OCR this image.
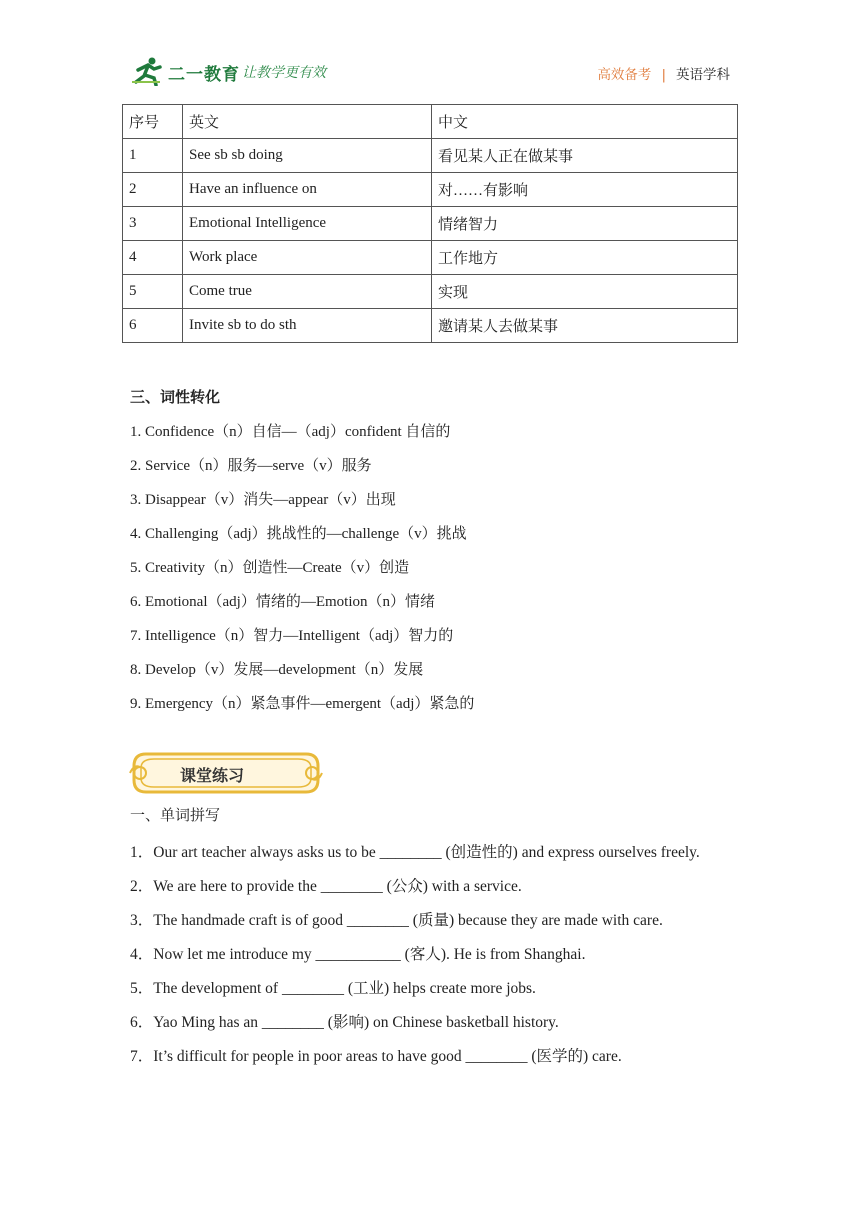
二一教育 让教学更有效	高效备考 | 英语学科
序号	英文	中文
1	See sb sb doing	看见某人正在做某事
2	Have an influence on	对……有影响
3	Emotional Intelligence	情绪智力
4	Work place	工作地方
5	Come true	实现
6	Invite sb to do sth	邀请某人去做某事
三、词性转化
1. Confidence（n）自信—（adj）confident 自信的
2. Service（n）服务—serve（v）服务
3. Disappear（v）消失—appear（v）出现
4. Challenging（adj）挑战性的—challenge（v）挑战
5. Creativity（n）创造性—Create（v）创造
6. Emotional（adj）情绪的—Emotion（n）情绪
7. Intelligence（n）智力—Intelligent（adj）智力的
8. Develop（v）发展—development（n）发展
9. Emergency（n）紧急事件—emergent（adj）紧急的
课堂练习
一、单词拼写
1．Our art teacher always asks us to be ________ (创造性的) and express ourselves freely.
2．We are here to provide the ________ (公众) with a service.
3．The handmade craft is of good ________ (质量) because they are made with care.
4．Now let me introduce my ___________ (客人). He is from Shanghai.
5．The development of ________ (工业) helps create more jobs.
6．Yao Ming has an ________ (影响) on Chinese basketball history.
7．It’s difficult for people in poor areas to have good ________ (医学的) care.
